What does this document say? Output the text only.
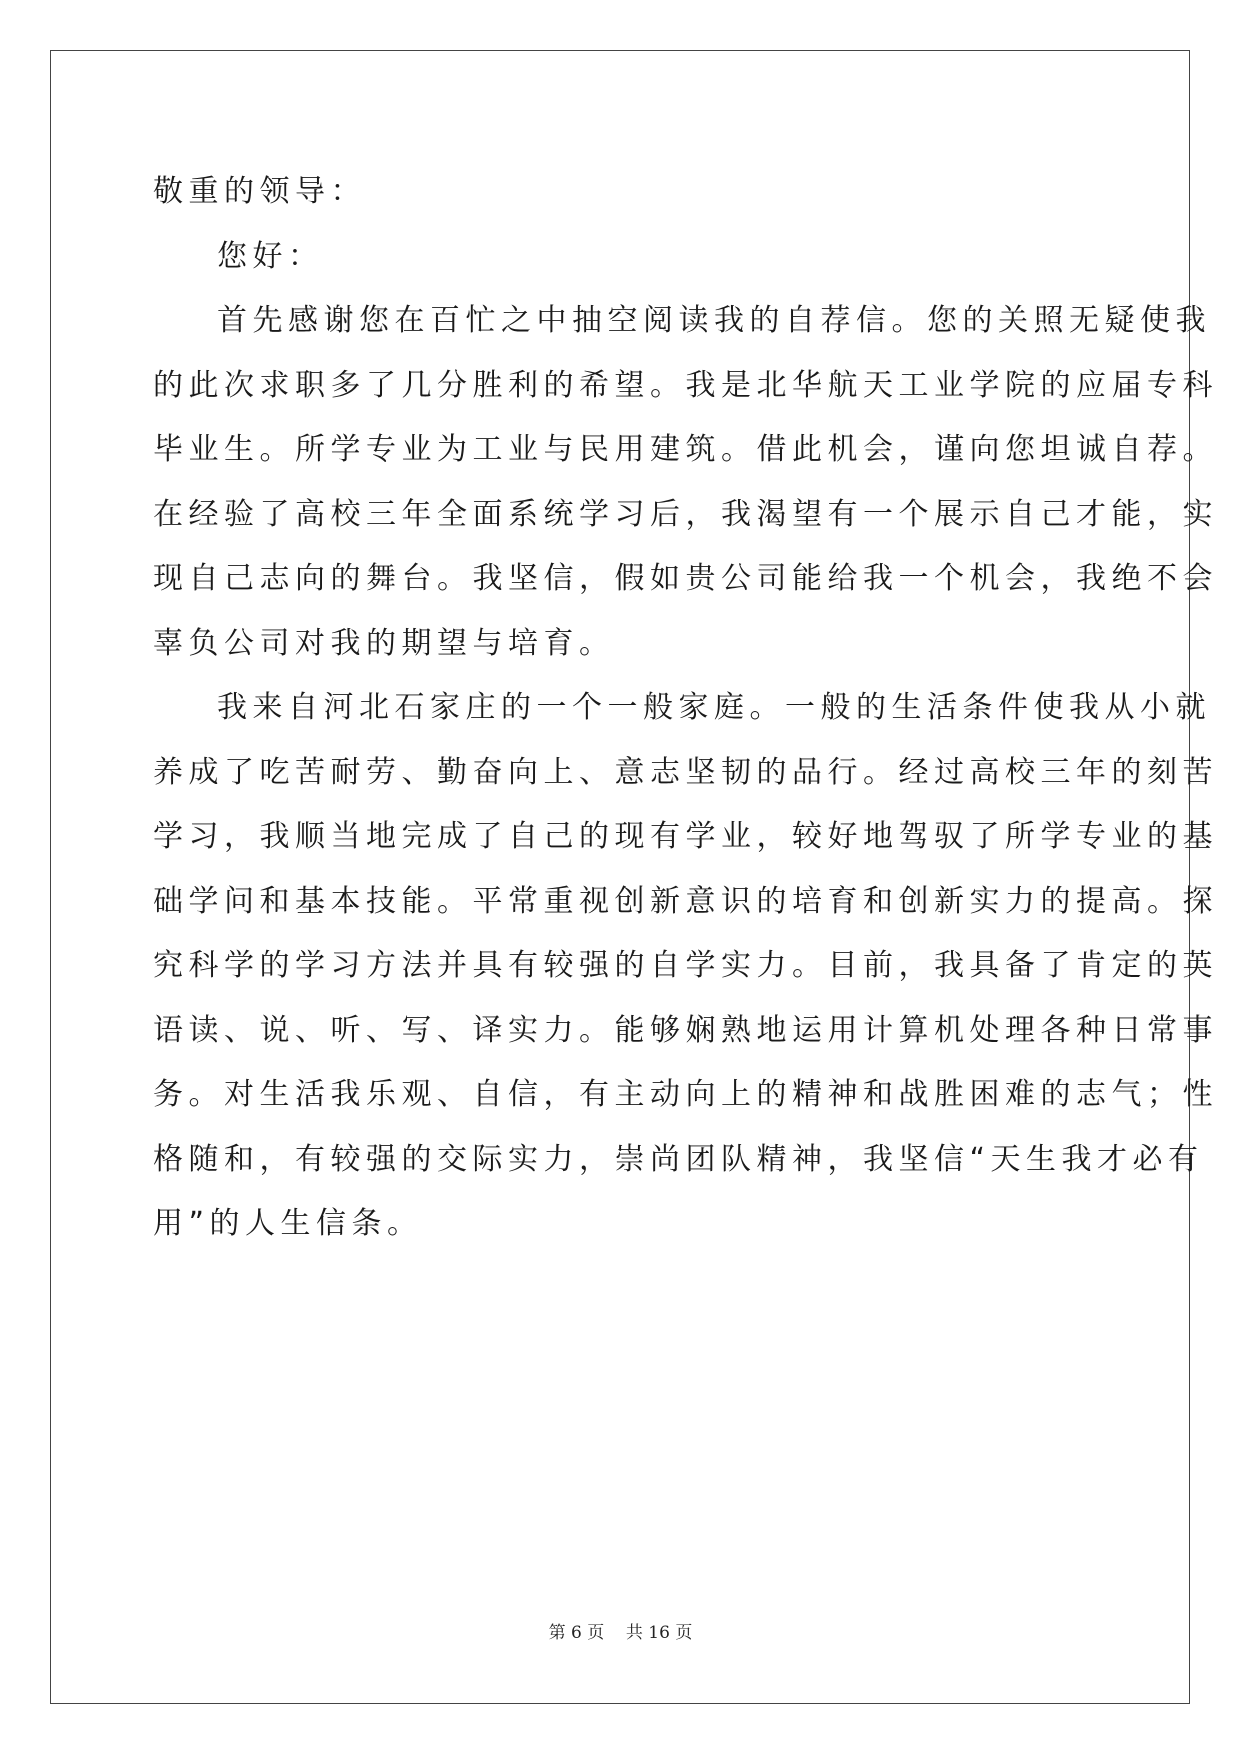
敬重的领导：
您好：
首先感谢您在百忙之中抽空阅读我的自荐信。您的关照无疑使我
的此次求职多了几分胜利的希望。我是北华航天工业学院的应届专科
毕业生。所学专业为工业与民用建筑。借此机会，谨向您坦诚自荐。
在经验了高校三年全面系统学习后，我渴望有一个展示自己才能，实
现自己志向的舞台。我坚信，假如贵公司能给我一个机会，我绝不会
辜负公司对我的期望与培育。
我来自河北石家庄的一个一般家庭。一般的生活条件使我从小就
养成了吃苦耐劳、勤奋向上、意志坚韧的品行。经过高校三年的刻苦
学习，我顺当地完成了自己的现有学业，较好地驾驭了所学专业的基
础学问和基本技能。平常重视创新意识的培育和创新实力的提高。探
究科学的学习方法并具有较强的自学实力。目前，我具备了肯定的英
语读、说、听、写、译实力。能够娴熟地运用计算机处理各种日常事
务。对生活我乐观、自信，有主动向上的精神和战胜困难的志气；性
格随和，有较强的交际实力，崇尚团队精神，我坚信“天生我才必有
用”的人生信条。
第 6 页    共 16 页
